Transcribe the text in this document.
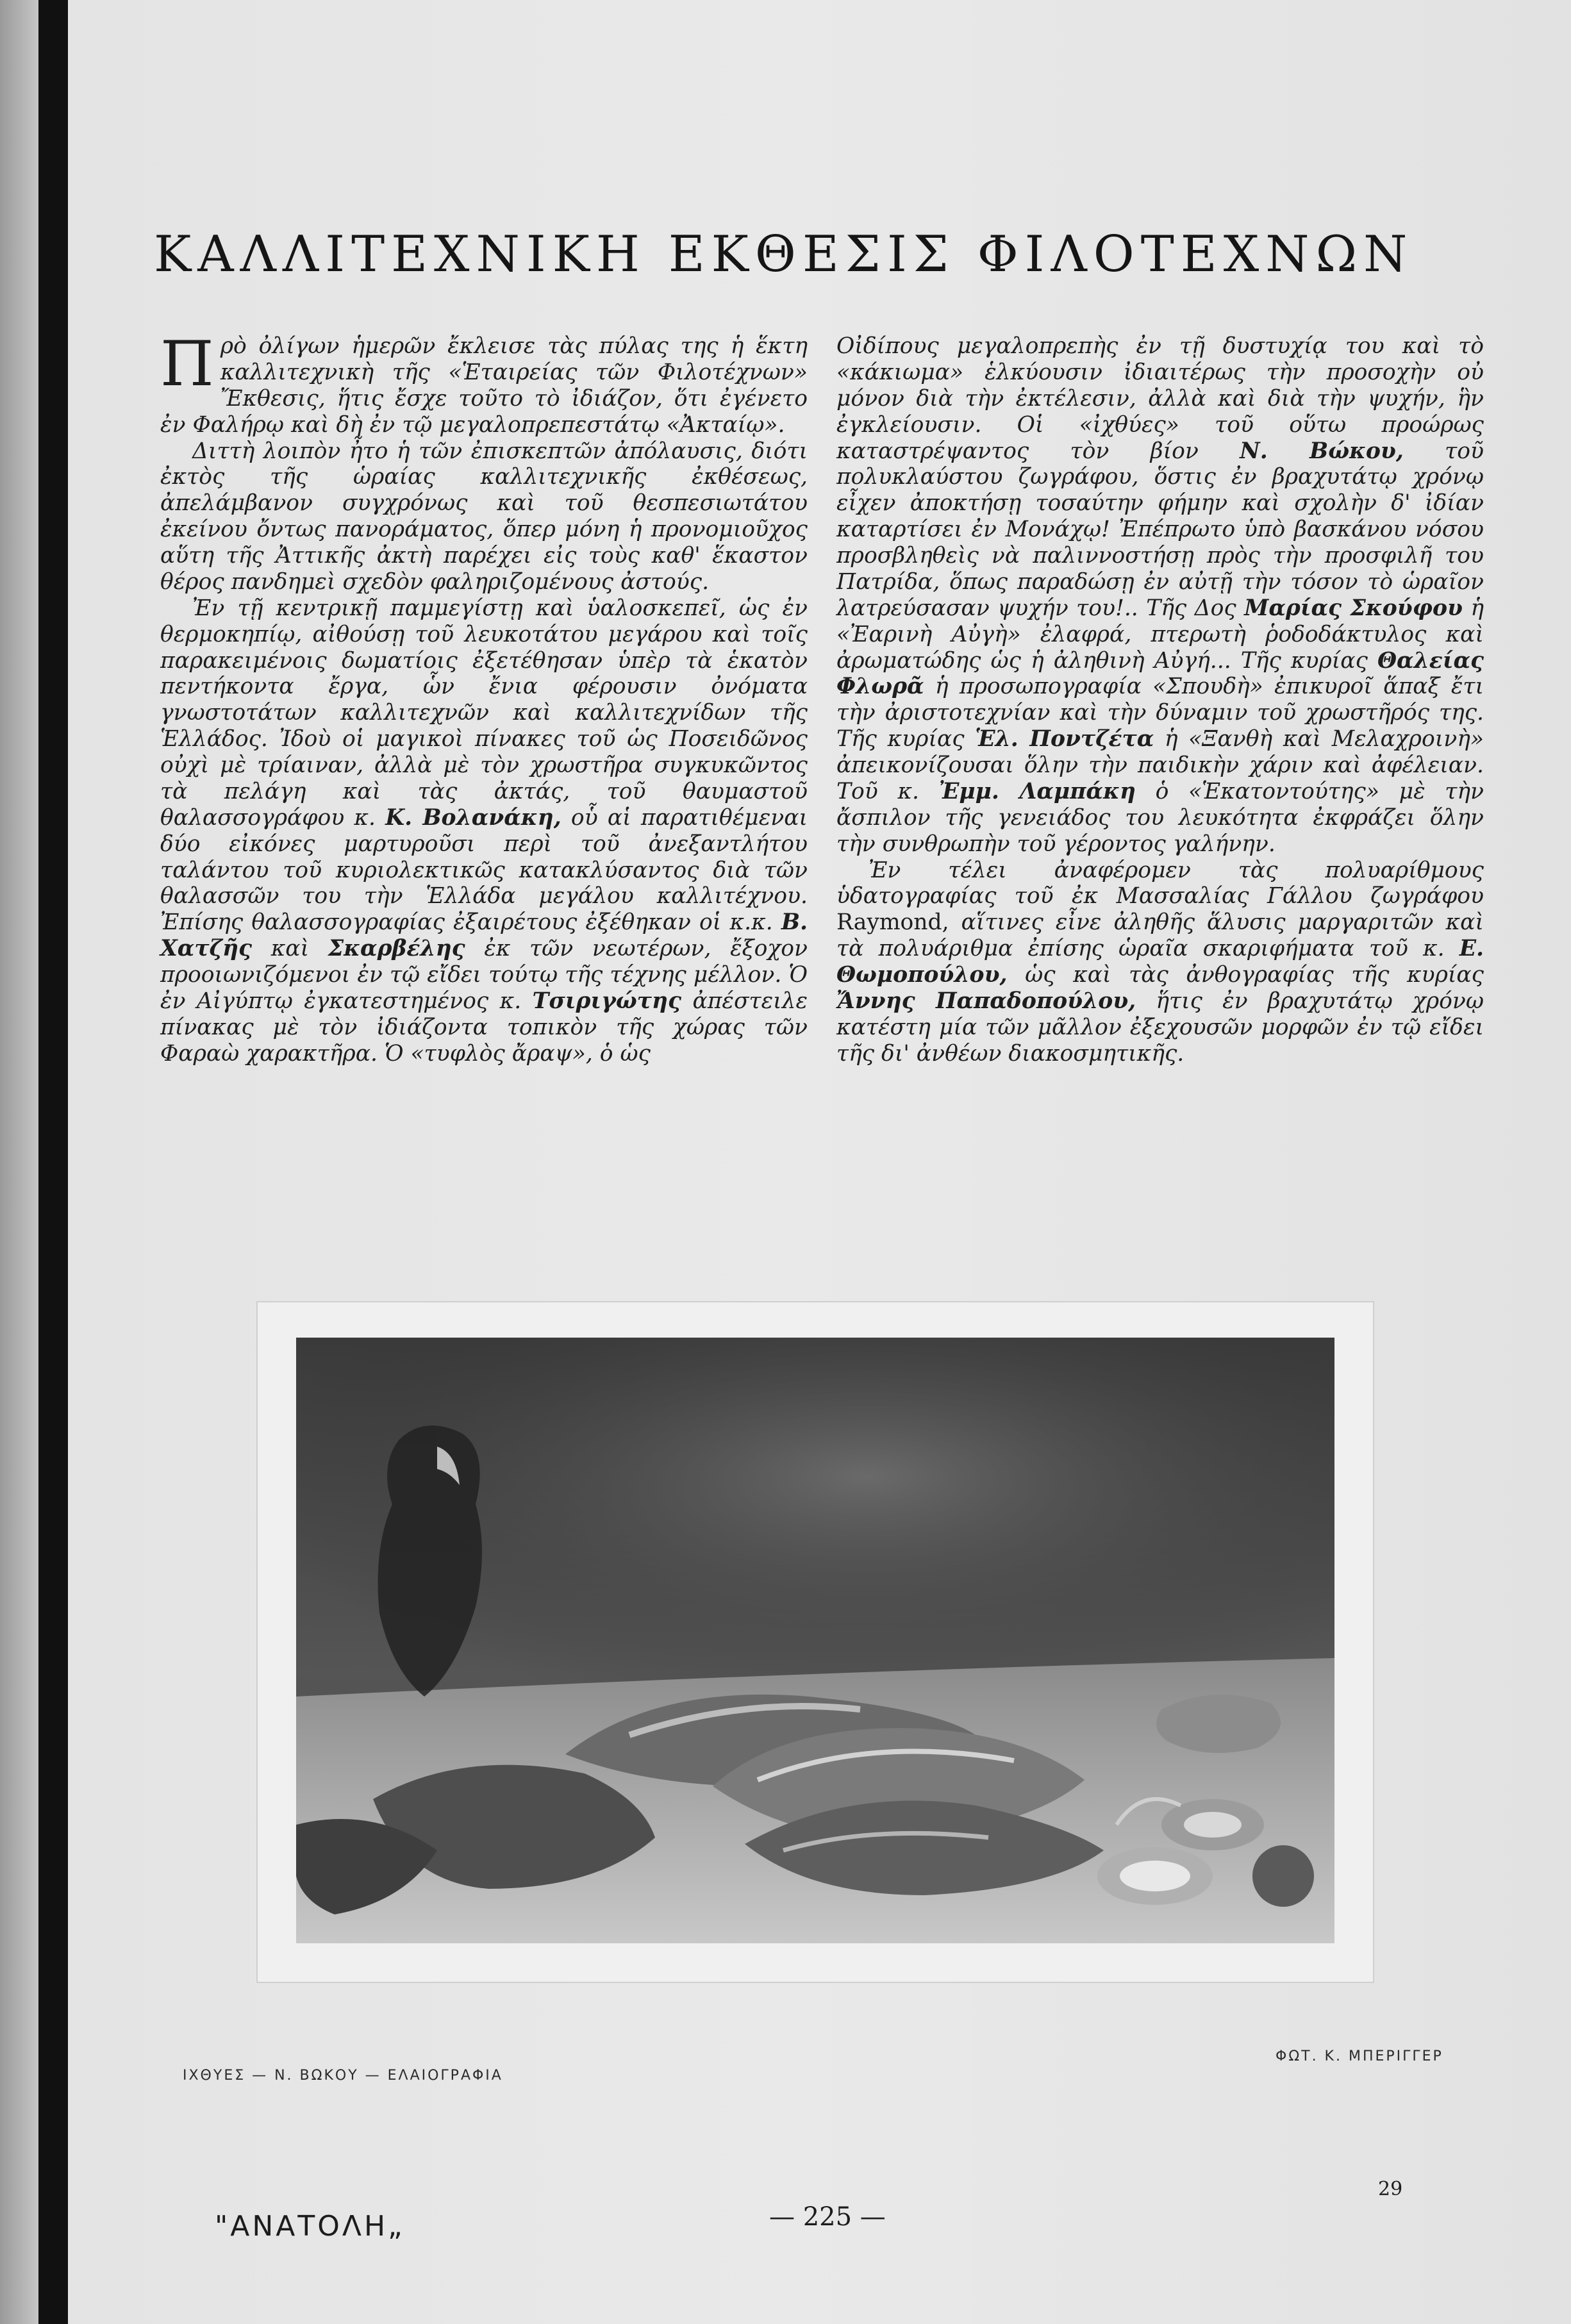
ΚΑΛΛΙΤΕΧΝΙΚΗ ΕΚΘΕΣΙΣ ΦΙΛΟΤΕΧΝΩΝ

Πρὸ ὀλίγων ἡμερῶν ἔκλεισε τὰς πύλας της ἡ ἕκτη καλλιτεχνικὴ τῆς «Ἑταιρείας τῶν Φιλοτέχνων» Ἔκθεσις, ἥτις ἔσχε τοῦτο τὸ ἰδιάζον, ὅτι ἐγένετο ἐν Φαλήρῳ καὶ δὴ ἐν τῷ μεγαλοπρεπεστάτῳ «Ἀκταίῳ».

Διττὴ λοιπὸν ἦτο ἡ τῶν ἐπισκεπτῶν ἀπόλαυσις, διότι ἐκτὸς τῆς ὡραίας καλλιτεχνικῆς ἐκθέσεως, ἀπελάμβανον συγχρόνως καὶ τοῦ θεσπεσιωτάτου ἐκείνου ὄντως πανοράματος, ὅπερ μόνη ἡ προνομιοῦχος αὕτη τῆς Ἀττικῆς ἀκτὴ παρέχει εἰς τοὺς καθ' ἕκαστον θέρος πανδημεὶ σχεδὸν φαληριζομένους ἀστούς.

Ἐν τῇ κεντρικῇ παμμεγίστῃ καὶ ὑαλοσκεπεῖ, ὡς ἐν θερμοκηπίῳ, αἰθούσῃ τοῦ λευκοτάτου μεγάρου καὶ τοῖς παρακειμένοις δωματίοις ἐξετέθησαν ὑπὲρ τὰ ἑκατὸν πεντήκοντα ἔργα, ὧν ἔνια φέρουσιν ὀνόματα γνωστοτάτων καλλιτεχνῶν καὶ καλλιτεχνίδων τῆς Ἑλλάδος. Ἰδοὺ οἱ μαγικοὶ πίνακες τοῦ ὡς Ποσειδῶνος οὐχὶ μὲ τρίαιναν, ἀλλὰ μὲ τὸν χρωστῆρα συγκυκῶντος τὰ πελάγη καὶ τὰς ἀκτάς, τοῦ θαυμαστοῦ θαλασσογράφου κ. Κ. Βολανάκη, οὗ αἱ παρατιθέμεναι δύο εἰκόνες μαρτυροῦσι περὶ τοῦ ἀνεξαντλήτου ταλάντου τοῦ κυριολεκτικῶς κατακλύσαντος διὰ τῶν θαλασσῶν του τὴν Ἑλλάδα μεγάλου καλλιτέχνου. Ἐπίσης θαλασσογραφίας ἐξαιρέτους ἐξέθηκαν οἱ κ.κ. Β. Χατζῆς καὶ Σκαρβέλης ἐκ τῶν νεωτέρων, ἔξοχον προοιωνιζόμενοι ἐν τῷ εἴδει τούτῳ τῆς τέχνης μέλλον. Ὁ ἐν Αἰγύπτῳ ἐγκατεστημένος κ. Τσιριγώτης ἀπέστειλε πίνακας μὲ τὸν ἰδιάζοντα τοπικὸν τῆς χώρας τῶν Φαραὼ χαρακτῆρα. Ὁ «τυφλὸς ἄραψ», ὁ ὡς

Οἰδίπους μεγαλοπρεπὴς ἐν τῇ δυστυχίᾳ του καὶ τὸ «κάκιωμα» ἑλκύουσιν ἰδιαιτέρως τὴν προσοχὴν οὐ μόνον διὰ τὴν ἐκτέλεσιν, ἀλλὰ καὶ διὰ τὴν ψυχήν, ἣν ἐγκλείουσιν. Οἱ «ἰχθύες» τοῦ οὕτω προώρως καταστρέψαντος τὸν βίον Ν. Βώκου, τοῦ πολυκλαύστου ζωγράφου, ὅστις ἐν βραχυτάτῳ χρόνῳ εἶχεν ἀποκτήσῃ τοσαύτην φήμην καὶ σχολὴν δ' ἰδίαν καταρτίσει ἐν Μονάχῳ! Ἐπέπρωτο ὑπὸ βασκάνου νόσου προσβληθεὶς νὰ παλιννοστήσῃ πρὸς τὴν προσφιλῆ του Πατρίδα, ὅπως παραδώσῃ ἐν αὐτῇ τὴν τόσον τὸ ὡραῖον λατρεύσασαν ψυχήν του!.. Τῆς Δος Μαρίας Σκούφου ἡ «Ἐαρινὴ Αὐγὴ» ἐλαφρά, πτερωτὴ ῥοδοδάκτυλος καὶ ἀρωματώδης ὡς ἡ ἀληθινὴ Αὐγή... Τῆς κυρίας Θαλείας Φλωρᾶ ἡ προσωπογραφία «Σπουδὴ» ἐπικυροῖ ἅπαξ ἔτι τὴν ἀριστοτεχνίαν καὶ τὴν δύναμιν τοῦ χρωστῆρός της. Τῆς κυρίας Ἑλ. Ποντζέτα ἡ «Ξανθὴ καὶ Μελαχροινὴ» ἀπεικονίζουσαι ὅλην τὴν παιδικὴν χάριν καὶ ἀφέλειαν. Τοῦ κ. Ἐμμ. Λαμπάκη ὁ «Ἑκατοντούτης» μὲ τὴν ἄσπιλον τῆς γενειάδος του λευκότητα ἐκφράζει ὅλην τὴν συνθρωπὴν τοῦ γέροντος γαλήνην.

Ἐν τέλει ἀναφέρομεν τὰς πολυαρίθμους ὑδατογραφίας τοῦ ἐκ Μασσαλίας Γάλλου ζωγράφου Raymond, αἵτινες εἶνε ἀληθῆς ἅλυσις μαργαριτῶν καὶ τὰ πολυάριθμα ἐπίσης ὡραῖα σκαριφήματα τοῦ κ. Ε. Θωμοπούλου, ὡς καὶ τὰς ἀνθογραφίας τῆς κυρίας Ἄννης Παπαδοπούλου, ἥτις ἐν βραχυτάτῳ χρόνῳ κατέστη μία τῶν μᾶλλον ἐξεχουσῶν μορφῶν ἐν τῷ εἴδει τῆς δι' ἀνθέων διακοσμητικῆς.

ΙΧΘΥΕΣ — Ν. ΒΩΚΟΥ — ΕΛΑΙΟΓΡΑΦΙΑ
ΦΩΤ. Κ. ΜΠΕΡΙΓΓΕΡ
"ΑΝΑΤΟΛΗ„	— 225 —
29
